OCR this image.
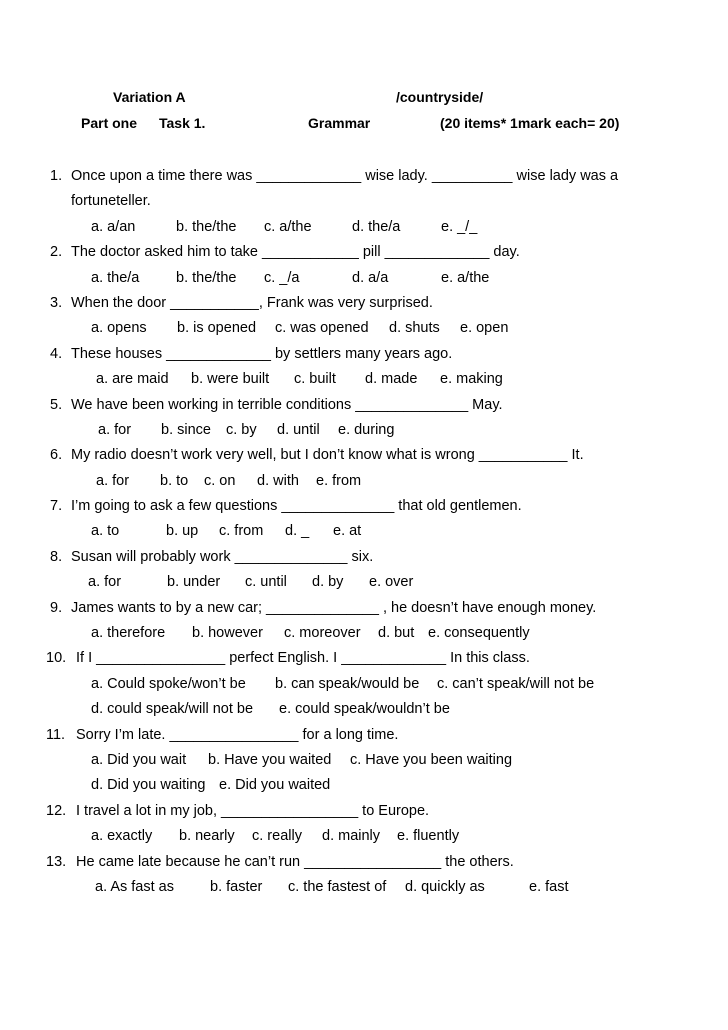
Variation A	/countryside/
Part one Task 1.	Grammar	(20 items* 1mark each= 20)
1. Once upon a time there was _____________ wise lady. __________ wise lady was a
fortuneteller.
a. a/an	b. the/the c. a/the	d. the/a	e. _/_
2. The doctor asked him to take ____________ pill _____________ day.
a. the/a	b. the/the c. _/a	d. a/a	e. a/the
3. When the door ___________, Frank was very surprised.
a. opens b. is opened c. was opened d. shuts e. open
4. These houses _____________ by settlers many years ago.
a. are maid b. were built c. built d. made e. making
5. We have been working in terrible conditions ______________ May.
a. for b. since c. by d. until e. during
6. My radio doesn’t work very well, but I don’t know what is wrong ___________ It.
a. for b. to c. on d. with e. from
7. I’m going to ask a few questions ______________ that old gentlemen.
a. to	b. up c. from d. _ e. at
8. Susan will probably work ______________ six.
a. for	b. under c. until d. by e. over
9. James wants to by a new car; ______________ , he doesn’t have enough money.
a. therefore b. however c. moreover d. but e. consequently
10. If I ________________ perfect English. I _____________ In this class.
a. Could spoke/won’t be b. can speak/would be c. can’t speak/will not be
d. could speak/will not be e. could speak/wouldn’t be
11. Sorry I’m late. ________________ for a long time.
a. Did you wait b. Have you waited c. Have you been waiting
d. Did you waiting e. Did you waited
12. I travel a lot in my job, _________________ to Europe.
a. exactly b. nearly c. really d. mainly e. fluently
13. He came late because he can’t run _________________ the others.
a. As fast as b. faster c. the fastest of d. quickly as	e. fast
